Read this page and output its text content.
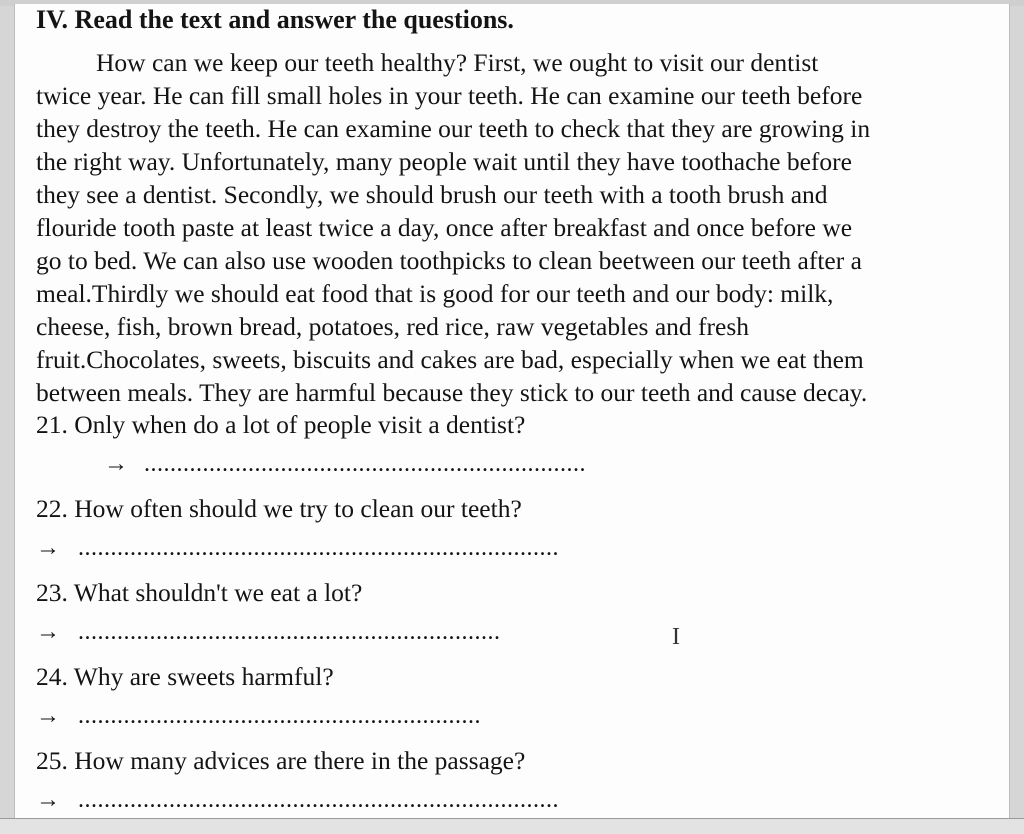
IV. Read the text and answer the questions.
How can we keep our teeth healthy? First, we ought to visit our dentist
twice year. He can fill small holes in your teeth. He can examine our teeth before
they destroy the teeth. He can examine our teeth to check that they are growing in
the right way. Unfortunately, many people wait until they have toothache before
they see a dentist. Secondly, we should brush our teeth with a tooth brush and
flouride tooth paste at least twice a day, once after breakfast and once before we
go to bed. We can also use wooden toothpicks to clean beetween our teeth after a
meal.Thirdly we should eat food that is good for our teeth and our body: milk,
cheese, fish, brown bread, potatoes, red rice, raw vegetables and fresh
fruit.Chocolates, sweets, biscuits and cakes are bad, especially when we eat them
between meals. They are harmful because they stick to our teeth and cause decay.

21. Only when do a lot of people visit a dentist?

→ ....................................................................

22. How often should we try to clean our teeth?

→ ..........................................................................

23. What shouldn't we eat a lot?

→ .................................................................	I

24. Why are sweets harmful?

→ ..............................................................

25. How many advices are there in the passage?

→ ..........................................................................
